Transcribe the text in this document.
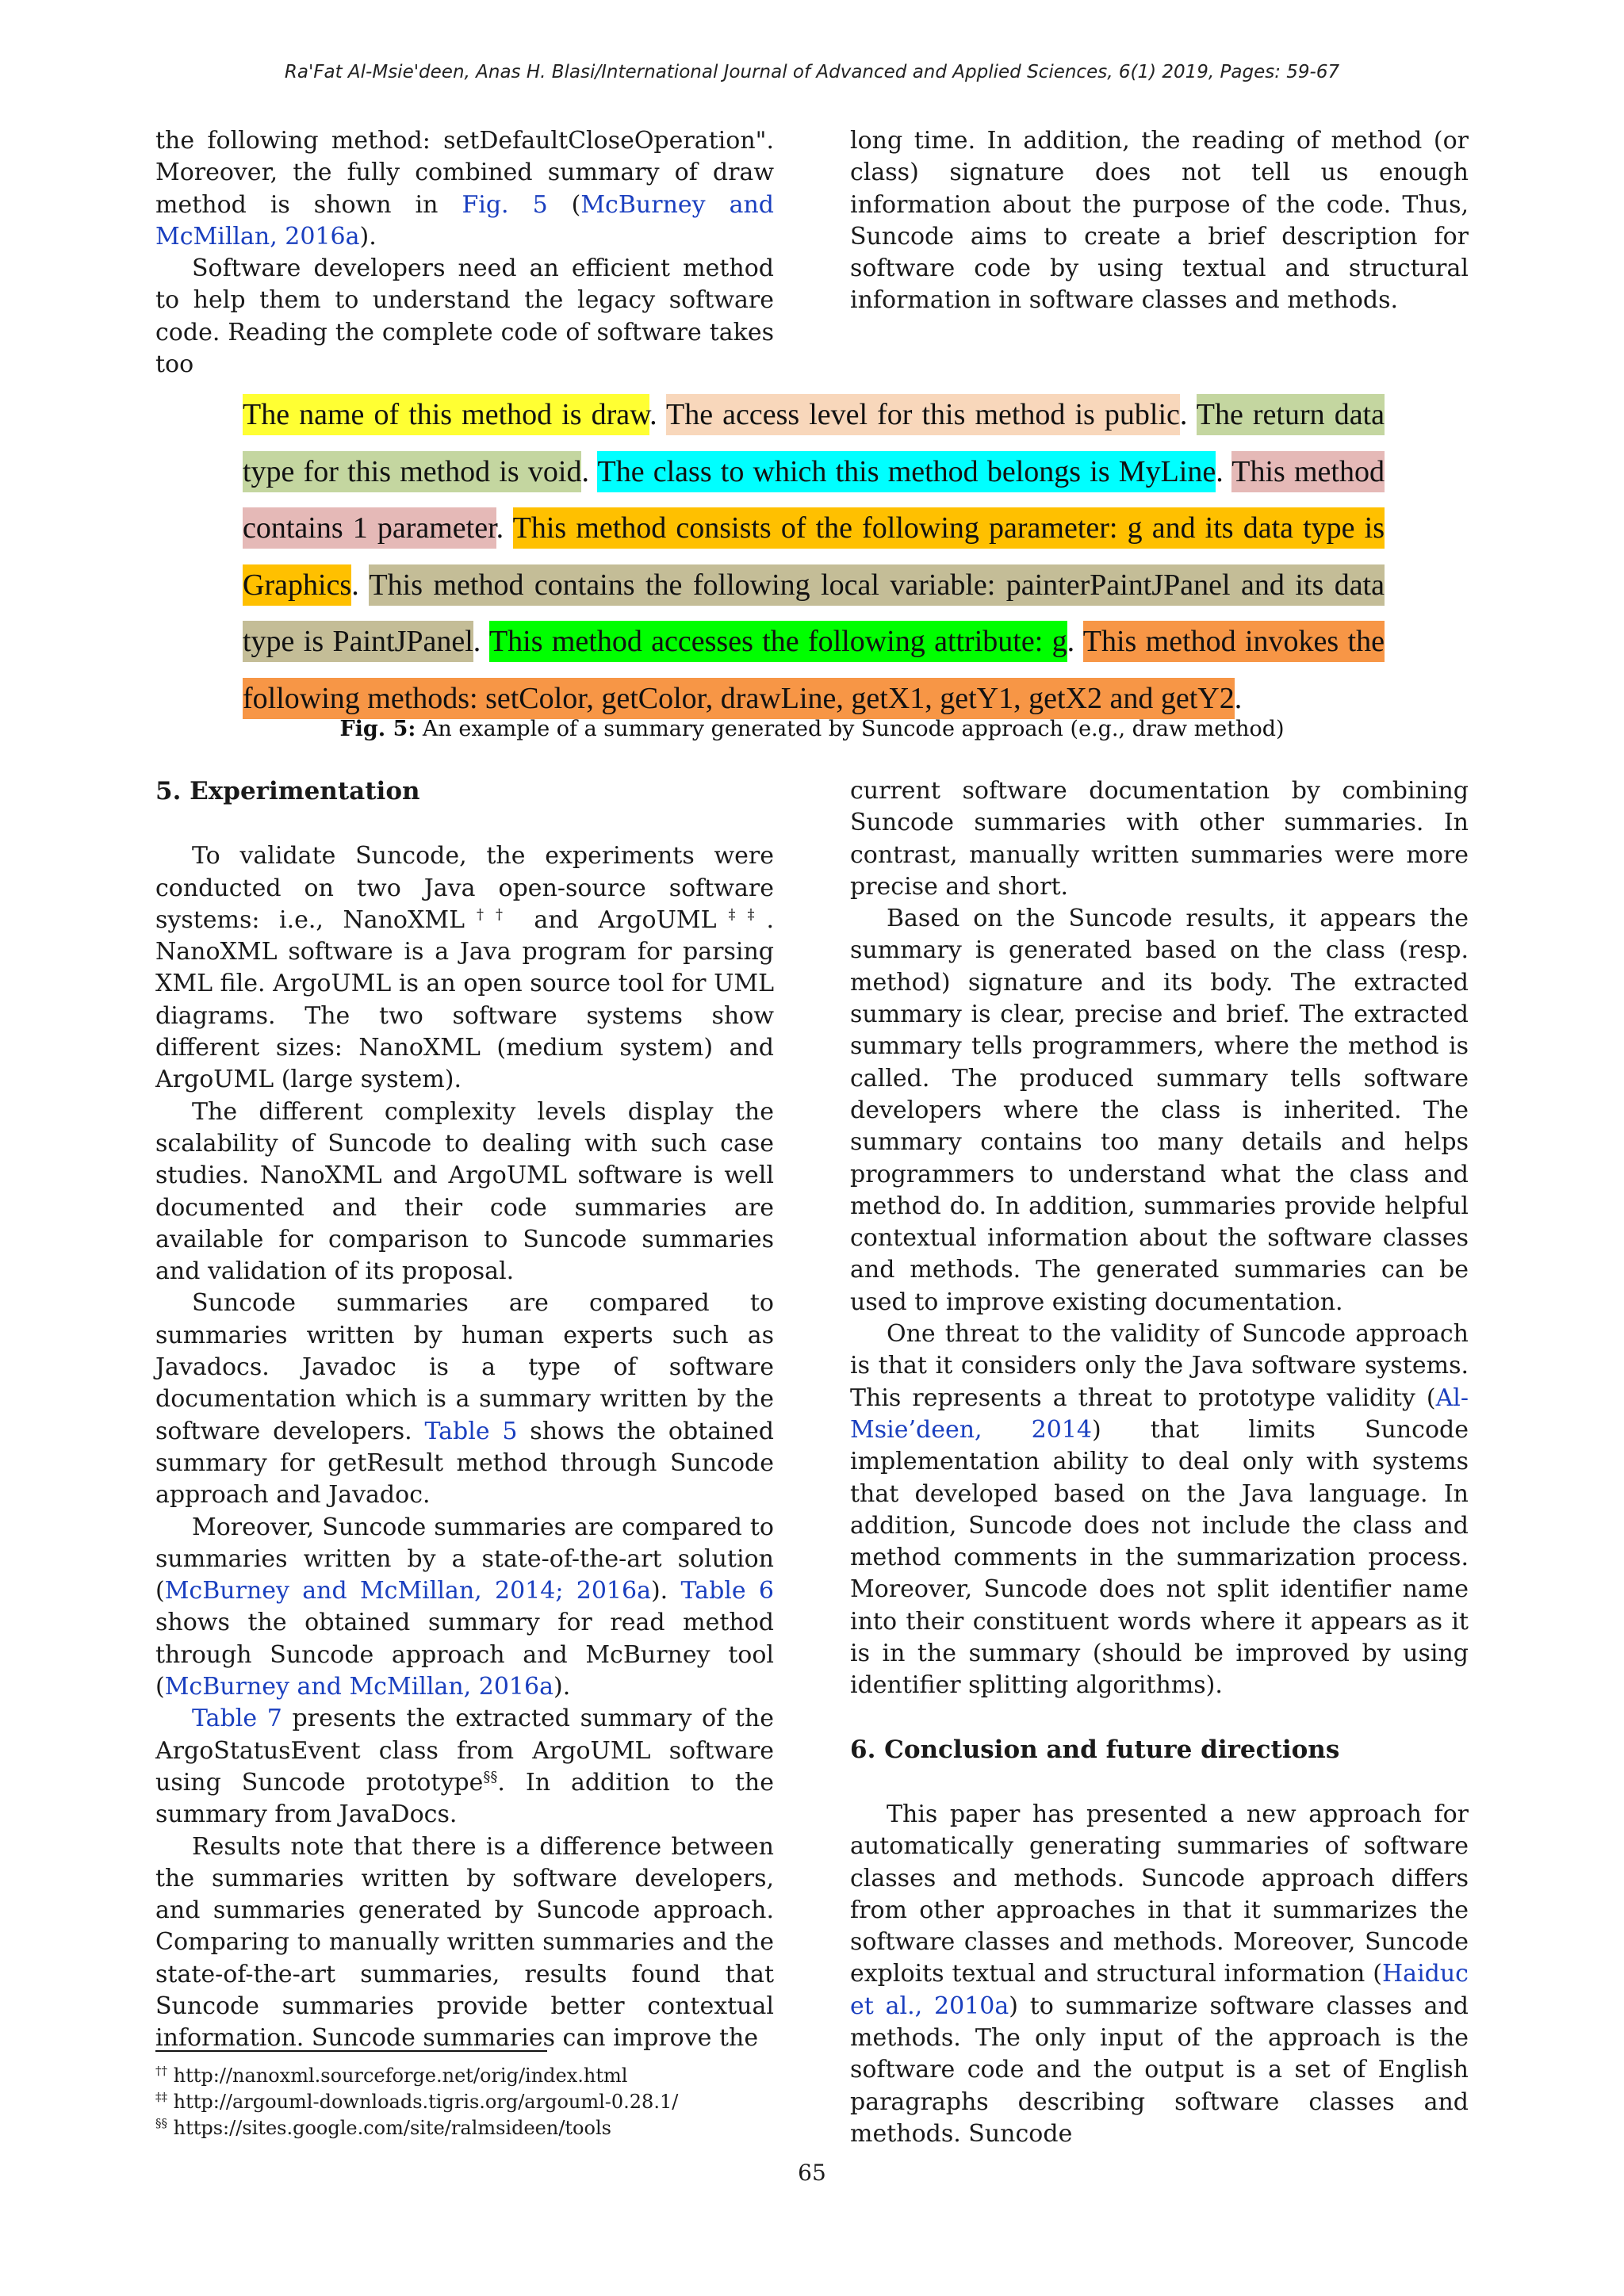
Ra'Fat Al-Msie'deen, Anas H. Blasi/International Journal of Advanced and Applied Sciences, 6(1) 2019, Pages: 59-67

the following method: setDefaultCloseOperation". Moreover, the fully combined summary of draw method is shown in Fig. 5 (McBurney and McMillan, 2016a).

Software developers need an efficient method to help them to understand the legacy software code. Reading the complete code of software takes too

long time. In addition, the reading of method (or class) signature does not tell us enough information about the purpose of the code. Thus, Suncode aims to create a brief description for software code by using textual and structural information in software classes and methods.

The name of this method is draw. The access level for this method is public. The return data type for this method is void. The class to which this method belongs is MyLine. This method contains 1 parameter. This method consists of the following parameter: g and its data type is Graphics. This method contains the following local variable: painterPaintJPanel and its data type is PaintJPanel. This method accesses the following attribute: g. This method invokes the following methods: setColor, getColor, drawLine, getX1, getY1, getX2 and getY2.
Fig. 5: An example of a summary generated by Suncode approach (e.g., draw method)
5. Experimentation

To validate Suncode, the experiments were conducted on two Java open-source software systems: i.e., NanoXML†† and ArgoUML‡‡. NanoXML software is a Java program for parsing XML file. ArgoUML is an open source tool for UML diagrams. The two software systems show different sizes: NanoXML (medium system) and ArgoUML (large system).

The different complexity levels display the scalability of Suncode to dealing with such case studies. NanoXML and ArgoUML software is well documented and their code summaries are available for comparison to Suncode summaries and validation of its proposal.

Suncode summaries are compared to summaries written by human experts such as Javadocs. Javadoc is a type of software documentation which is a summary written by the software developers. Table 5 shows the obtained summary for getResult method through Suncode approach and Javadoc.

Moreover, Suncode summaries are compared to summaries written by a state-of-the-art solution (McBurney and McMillan, 2014; 2016a). Table 6 shows the obtained summary for read method through Suncode approach and McBurney tool (McBurney and McMillan, 2016a).

Table 7 presents the extracted summary of the ArgoStatusEvent class from ArgoUML software using Suncode prototype§§. In addition to the summary from JavaDocs.

Results note that there is a difference between the summaries written by software developers, and summaries generated by Suncode approach. Comparing to manually written summaries and the state-of-the-art summaries, results found that Suncode summaries provide better contextual information. Suncode summaries can improve the

current software documentation by combining Suncode summaries with other summaries. In contrast, manually written summaries were more precise and short.

Based on the Suncode results, it appears the summary is generated based on the class (resp. method) signature and its body. The extracted summary is clear, precise and brief. The extracted summary tells programmers, where the method is called. The produced summary tells software developers where the class is inherited. The summary contains too many details and helps programmers to understand what the class and method do. In addition, summaries provide helpful contextual information about the software classes and methods. The generated summaries can be used to improve existing documentation.

One threat to the validity of Suncode approach is that it considers only the Java software systems. This represents a threat to prototype validity (Al-Msie’deen, 2014) that limits Suncode implementation ability to deal only with systems that developed based on the Java language. In addition, Suncode does not include the class and method comments in the summarization process. Moreover, Suncode does not split identifier name into their constituent words where it appears as it is in the summary (should be improved by using identifier splitting algorithms).

6. Conclusion and future directions

This paper has presented a new approach for automatically generating summaries of software classes and methods. Suncode approach differs from other approaches in that it summarizes the software classes and methods. Moreover, Suncode exploits textual and structural information (Haiduc et al., 2010a) to summarize software classes and methods. The only input of the approach is the software code and the output is a set of English paragraphs describing software classes and methods. Suncode

†† http://nanoxml.sourceforge.net/orig/index.html
‡‡ http://argouml-downloads.tigris.org/argouml-0.28.1/
§§ https://sites.google.com/site/ralmsideen/tools
65
